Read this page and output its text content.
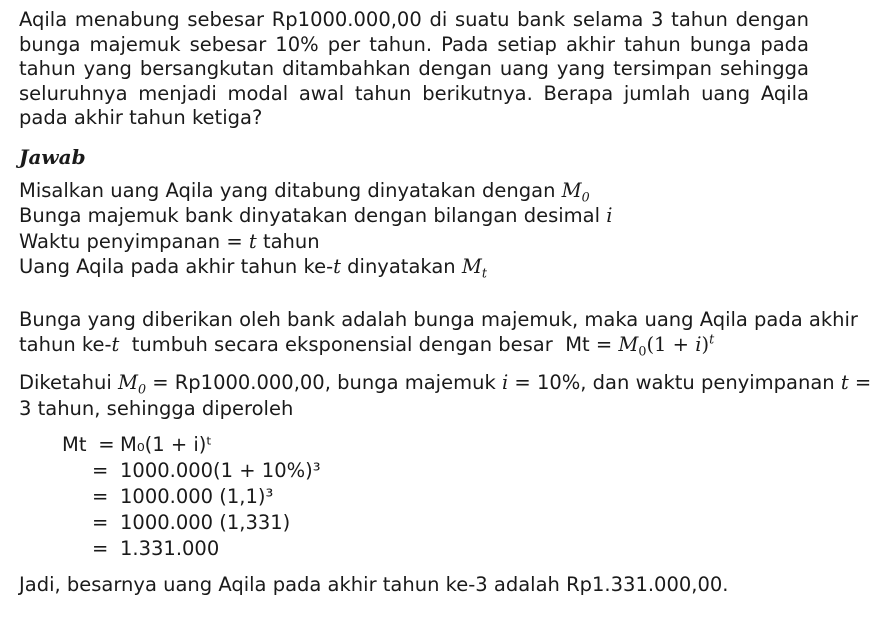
Aqila menabung sebesar Rp1000.000,00 di suatu bank selama 3 tahun dengan bunga majemuk sebesar 10% per tahun. Pada setiap akhir tahun bunga pada tahun yang bersangkutan ditambahkan dengan uang yang tersimpan sehingga seluruhnya menjadi modal awal tahun berikutnya. Berapa jumlah uang Aqila pada akhir tahun ketiga?

Jawab
Misalkan uang Aqila yang ditabung dinyatakan dengan $M_0$
Bunga majemuk bank dinyatakan dengan bilangan desimal i
Waktu penyimpanan = t tahun
Uang Aqila pada akhir tahun ke-t dinyatakan $M_t$
Bunga yang diberikan oleh bank adalah bunga majemuk, maka uang Aqila pada akhir
tahun ke-t  tumbuh secara eksponensial dengan besar  $Mt = M_0(1 + i)^t$
Diketahui $M_0 = Rp1000.000,00$, bunga majemuk i = 10%, dan waktu penyimpanan t =
3 tahun, sehingga diperoleh
Mt = M₀(1 + i)ᵗ
= 1000.000(1 + 10%)³
= 1000.000 (1,1)³
= 1000.000 (1,331)
= 1.331.000
Jadi, besarnya uang Aqila pada akhir tahun ke-3 adalah Rp1.331.000,00.
